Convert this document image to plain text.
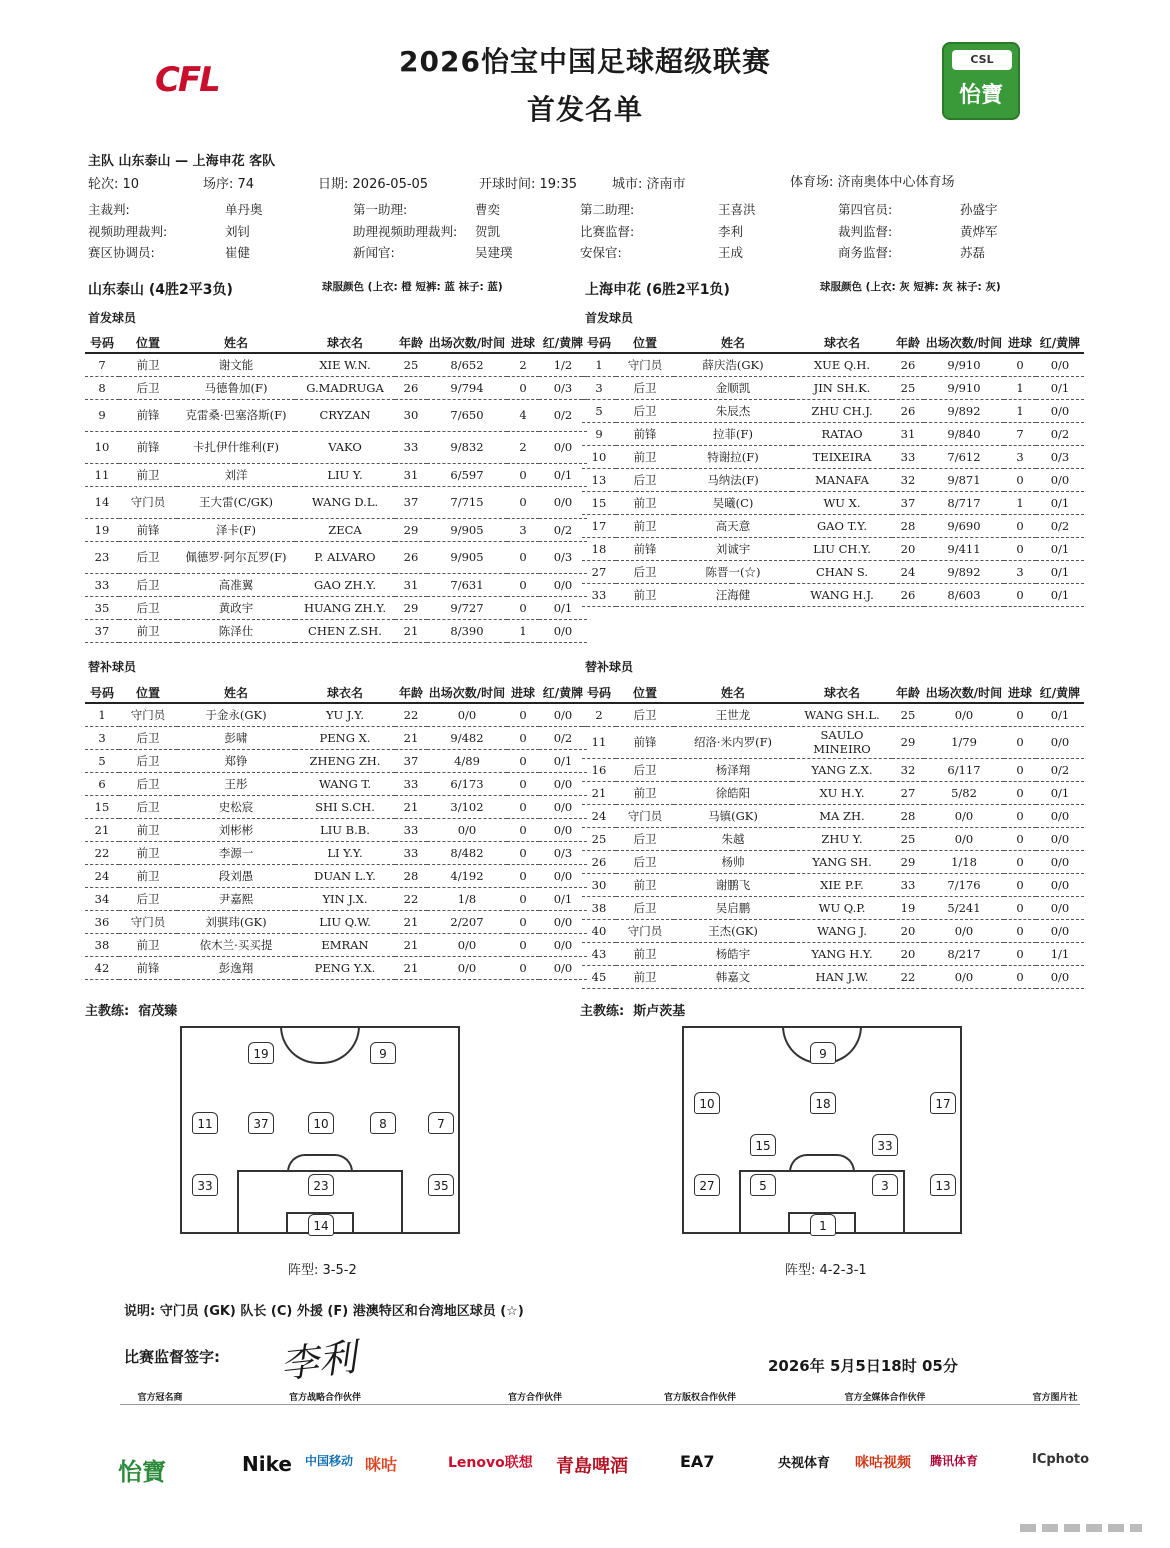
CFL	2026怡宝中国足球超级联赛
首发名单
CSL
怡寶
主队 山东泰山 — 上海申花 客队
轮次: 10	场序: 74	日期: 2026-05-05	开球时间: 19:35	城市: 济南市	体育场: 济南奥体中心体育场
主裁判:	单丹奥	第一助理:	曹奕	第二助理:	王喜洪	第四官员:	孙盛宇
视频助理裁判:	刘钊	助理视频助理裁判: 贺凯	比赛监督:	李利	裁判监督:	黄烨军
赛区协调员:	崔健	新闻官:	吴建璞	安保官:	王成	商务监督:	苏磊
山东泰山 (4胜2平3负)	球服颜色 (上衣: 橙 短裤: 蓝 袜子: 蓝)	上海申花 (6胜2平1负)	球服颜色 (上衣: 灰 短裤: 灰 袜子: 灰)
首发球员	首发球员
号码	位置	姓名	球衣名	年龄	出场次数/时间	进球	红/黄牌
7	前卫	谢文能	XIE W.N.	25	8/652	2	1/2
8	后卫	马德鲁加(F)	G.MADRUGA	26	9/794	0	0/3
9	前锋	克雷桑·巴塞洛斯(F)	CRYZAN	30	7/650	4	0/2
10	前锋	卡扎伊什维利(F)	VAKO	33	9/832	2	0/0
11	前卫	刘洋	LIU Y.	31	6/597	0	0/1
14	守门员	王大雷(C/GK)	WANG D.L.	37	7/715	0	0/0
19	前锋	泽卡(F)	ZECA	29	9/905	3	0/2
23	后卫	佩德罗·阿尔瓦罗(F)	P. ALVARO	26	9/905	0	0/3
33	后卫	高准翼	GAO ZH.Y.	31	7/631	0	0/0
35	后卫	黄政宇	HUANG ZH.Y.	29	9/727	0	0/1
37	前卫	陈泽仕	CHEN Z.SH.	21	8/390	1	0/0
号码	位置	姓名	球衣名	年龄	出场次数/时间	进球	红/黄牌
1	守门员	薛庆浩(GK)	XUE Q.H.	26	9/910	0	0/0
3	后卫	金顺凯	JIN SH.K.	25	9/910	1	0/1
5	后卫	朱辰杰	ZHU CH.J.	26	9/892	1	0/0
9	前锋	拉菲(F)	RATAO	31	9/840	7	0/2
10	前卫	特谢拉(F)	TEIXEIRA	33	7/612	3	0/3
13	后卫	马纳法(F)	MANAFA	32	9/871	0	0/0
15	前卫	吴曦(C)	WU X.	37	8/717	1	0/1
17	前卫	高天意	GAO T.Y.	28	9/690	0	0/2
18	前锋	刘诚宇	LIU CH.Y.	20	9/411	0	0/1
27	后卫	陈晋一(☆)	CHAN S.	24	9/892	3	0/1
33	前卫	汪海健	WANG H.J.	26	8/603	0	0/1
替补球员	替补球员
号码	位置	姓名	球衣名	年龄	出场次数/时间	进球	红/黄牌
1	守门员	于金永(GK)	YU J.Y.	22	0/0	0	0/0
3	后卫	彭啸	PENG X.	21	9/482	0	0/2
5	后卫	郑铮	ZHENG ZH.	37	4/89	0	0/1
6	后卫	王彤	WANG T.	33	6/173	0	0/0
15	后卫	史松宸	SHI S.CH.	21	3/102	0	0/0
21	前卫	刘彬彬	LIU B.B.	33	0/0	0	0/0
22	前卫	李源一	LI Y.Y.	33	8/482	0	0/3
24	前卫	段刘愚	DUAN L.Y.	28	4/192	0	0/0
34	后卫	尹嘉熙	YIN J.X.	22	1/8	0	0/1
36	守门员	刘骐玮(GK)	LIU Q.W.	21	2/207	0	0/0
38	前卫	依木兰·买买提	EMRAN	21	0/0	0	0/0
42	前锋	彭逸翔	PENG Y.X.	21	0/0	0	0/0
号码	位置	姓名	球衣名	年龄	出场次数/时间	进球	红/黄牌
2	后卫	王世龙	WANG SH.L.	25	0/0	0	0/1
11	前锋	绍洛·米内罗(F)	SAULO MINEIRO	29	1/79	0	0/0
16	后卫	杨泽翔	YANG Z.X.	32	6/117	0	0/2
21	前卫	徐皓阳	XU H.Y.	27	5/82	0	0/1
24	守门员	马镇(GK)	MA ZH.	28	0/0	0	0/0
25	后卫	朱越	ZHU Y.	25	0/0	0	0/0
26	后卫	杨帅	YANG SH.	29	1/18	0	0/0
30	前卫	谢鹏飞	XIE P.F.	33	7/176	0	0/0
38	后卫	吴启鹏	WU Q.P.	19	5/241	0	0/0
40	守门员	王杰(GK)	WANG J.	20	0/0	0	0/0
43	前卫	杨皓宇	YANG H.Y.	20	8/217	0	1/1
45	前卫	韩嘉文	HAN J.W.	22	0/0	0	0/0
主教练: 宿茂臻	主教练: 斯卢茨基
19	9
11	37	10	8	7
33	23	35
14
9
10	18	17
15	33
27	5	3	13
1
阵型: 3-5-2	阵型: 4-2-3-1
说明: 守门员 (GK) 队长 (C) 外援 (F) 港澳特区和台湾地区球员 (☆)
比赛监督签字: 李利	2026年 5月5日18时 05分
官方冠名商	官方战略合作伙伴	官方合作伙伴	官方版权合作伙伴	官方全媒体合作伙伴	官方图片社
怡寶	Nike 中国移动 咪咕	Lenovo联想 青島啤酒	EA7	央视体育 咪咕视频 腾讯体育	ICphoto
